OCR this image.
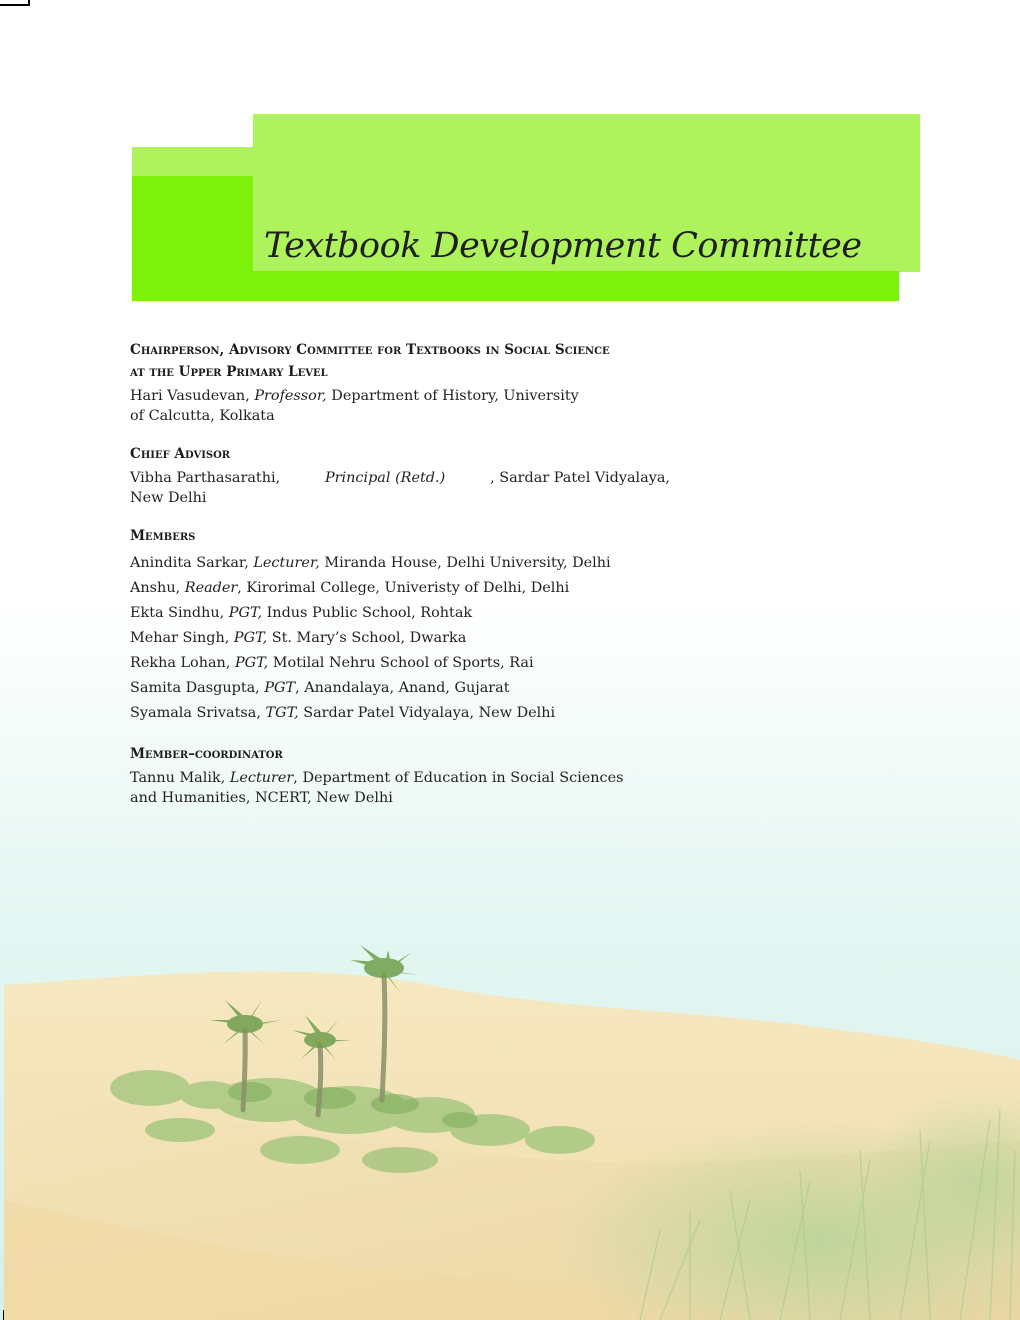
Textbook Development Committee

Chairperson, Advisory Committee for Textbooks in Social Science
at the Upper Primary Level

Hari Vasudevan, Professor, Department of History, University
of Calcutta, Kolkata

Chief Advisor

Vibha Parthasarathi,	Principal (Retd.)	, Sardar Patel Vidyalaya,
New Delhi

Members

Anindita Sarkar, Lecturer, Miranda House, Delhi University, Delhi
Anshu, Reader, Kirorimal College, Univeristy of Delhi, Delhi
Ekta Sindhu, PGT, Indus Public School, Rohtak
Mehar Singh, PGT, St. Mary’s School, Dwarka
Rekha Lohan, PGT, Motilal Nehru School of Sports, Rai
Samita Dasgupta, PGT, Anandalaya, Anand, Gujarat
Syamala Srivatsa, TGT, Sardar Patel Vidyalaya, New Delhi

Member–coordinator

Tannu Malik, Lecturer, Department of Education in Social Sciences
and Humanities, NCERT, New Delhi
